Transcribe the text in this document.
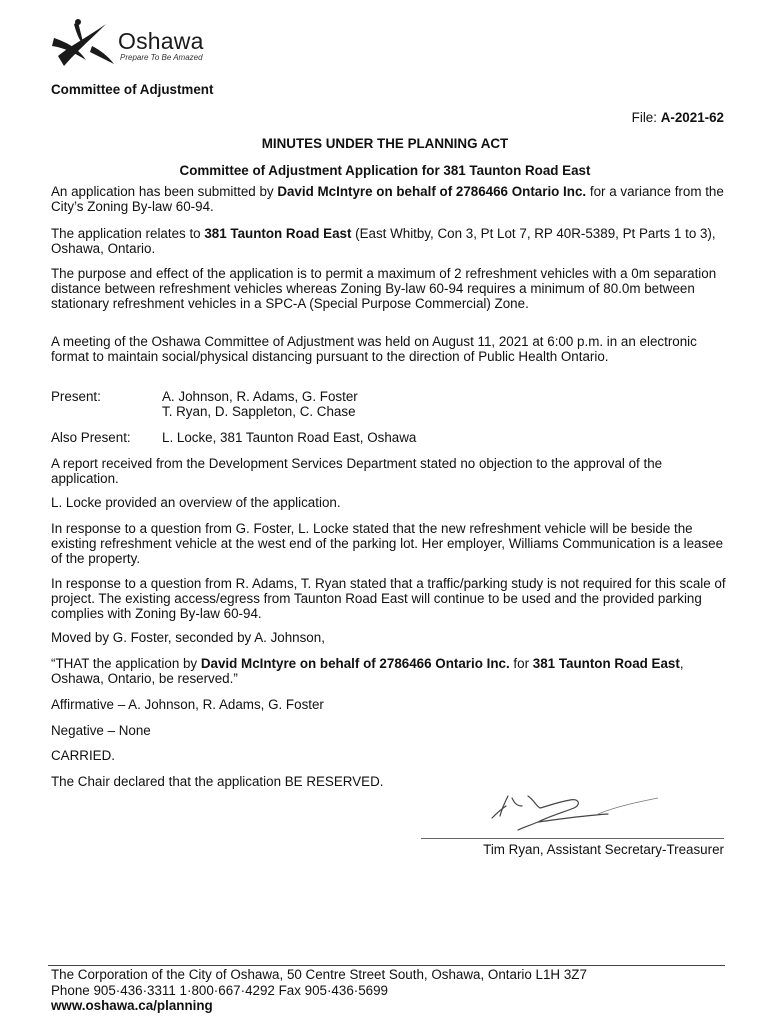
Oshawa
Prepare To Be Amazed
Committee of Adjustment
File: A-2021-62
MINUTES UNDER THE PLANNING ACT
Committee of Adjustment Application for 381 Taunton Road East

An application has been submitted by David McIntyre on behalf of 2786466 Ontario Inc. for a variance from the City’s Zoning By-law 60-94.

The application relates to 381 Taunton Road East (East Whitby, Con 3, Pt Lot 7, RP 40R-5389, Pt Parts 1 to 3), Oshawa, Ontario.

The purpose and effect of the application is to permit a maximum of 2 refreshment vehicles with a 0m separation distance between refreshment vehicles whereas Zoning By-law 60-94 requires a minimum of 80.0m between stationary refreshment vehicles in a SPC-A (Special Purpose Commercial) Zone.

A meeting of the Oshawa Committee of Adjustment was held on August 11, 2021 at 6:00 p.m. in an electronic format to maintain social/physical distancing pursuant to the direction of Public Health Ontario.

Present:	A. Johnson, R. Adams, G. Foster
T. Ryan, D. Sappleton, C. Chase
Also Present: L. Locke, 381 Taunton Road East, Oshawa

A report received from the Development Services Department stated no objection to the approval of the application.

L. Locke provided an overview of the application.

In response to a question from G. Foster, L. Locke stated that the new refreshment vehicle will be beside the existing refreshment vehicle at the west end of the parking lot. Her employer, Williams Communication is a leasee of the property.

In response to a question from R. Adams, T. Ryan stated that a traffic/parking study is not required for this scale of project. The existing access/egress from Taunton Road East will continue to be used and the provided parking complies with Zoning By-law 60-94.

Moved by G. Foster, seconded by A. Johnson,

“THAT the application by David McIntyre on behalf of 2786466 Ontario Inc. for 381 Taunton Road East, Oshawa, Ontario, be reserved.”

Affirmative – A. Johnson, R. Adams, G. Foster

Negative – None

CARRIED.

The Chair declared that the application BE RESERVED.

Tim Ryan, Assistant Secretary-Treasurer
The Corporation of the City of Oshawa, 50 Centre Street South, Oshawa, Ontario L1H 3Z7
Phone 905·436·3311 1·800·667·4292 Fax 905·436·5699
www.oshawa.ca/planning
